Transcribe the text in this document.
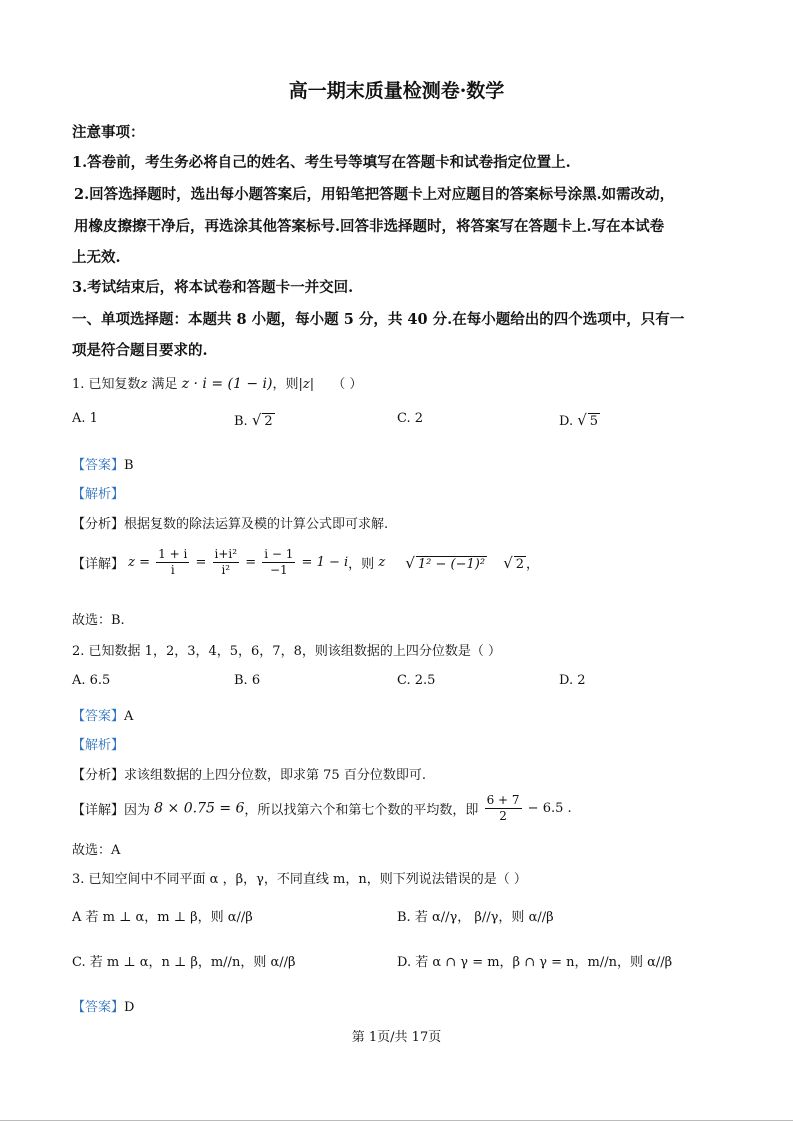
高一期末质量检测卷·数学
注意事项：
1.答卷前，考生务必将自己的姓名、考生号等填写在答题卡和试卷指定位置上.
2.回答选择题时，选出每小题答案后，用铅笔把答题卡上对应题目的答案标号涂黑.如需改动，
用橡皮擦擦干净后，再选涂其他答案标号.回答非选择题时，将答案写在答题卡上.写在本试卷
上无效.
3.考试结束后，将本试卷和答题卡一并交回.
一、单项选择题：本题共 8 小题，每小题 5 分，共 40 分.在每小题给出的四个选项中，只有一
项是符合题目要求的.
1. 已知复数z 满足 z · i = (1 − i)，则|z| （ ）
A. 1	B. √ 2	C. 2	D. √ 5
【答案】B
【解析】
【分析】根据复数的除法运算及模的计算公式即可求解.
【详解】 $z = \frac{1 + i}{i} = \frac{\text{i+i²}}{\text{i²}} = \frac{i - 1}{-1} = 1 - i$，则 z √ 1² − (−1)² √ 2 ，
故选：B.
2. 已知数据 1，2，3，4，5，6，7，8，则该组数据的上四分位数是（ ）
A. 6.5	B. 6	C. 2.5	D. 2
【答案】A
【解析】
【分析】求该组数据的上四分位数，即求第 75 百分位数即可.
【详解】因为 8 × 0.75 = 6，所以找第六个和第七个数的平均数，即 $\frac{6 + 7}{2} - 6.5$ .
故选：A
3. 已知空间中不同平面 α ，β，γ，不同直线 m，n，则下列说法错误的是（ ）
A 若 m ⊥ α，m ⊥ β，则 α//β	B. 若 α//γ， β//γ，则 α//β
C. 若 m ⊥ α，n ⊥ β，m//n，则 α//β	D. 若 α ∩ γ = m，β ∩ γ = n，m//n，则 α//β
【答案】D
第 1页/共 17页
